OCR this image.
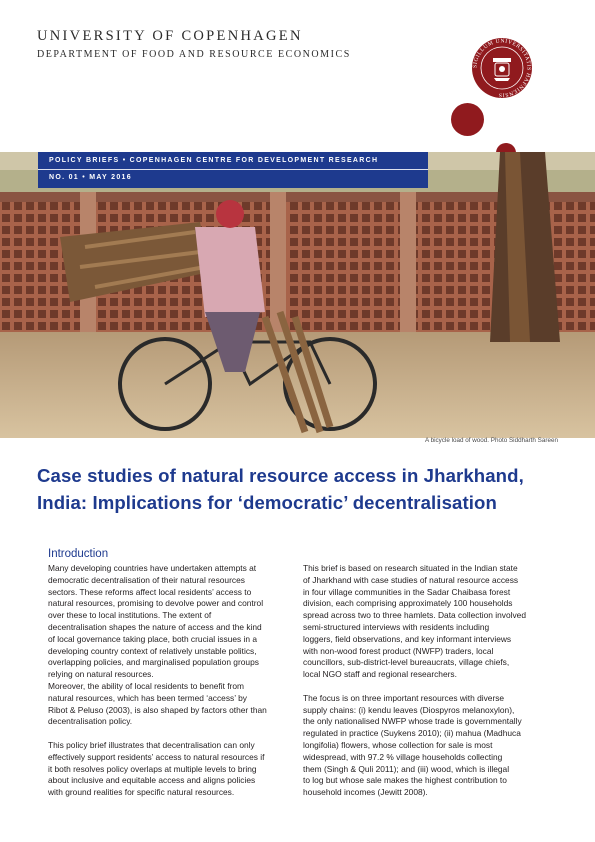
UNIVERSITY OF COPENHAGEN
DEPARTMENT OF FOOD AND RESOURCE ECONOMICS
SIGILLUM UNIVERSITATIS HAFNIENSIS
POLICY BRIEFS • COPENHAGEN CENTRE FOR DEVELOPMENT RESEARCH
NO. 01 • MAY 2016
A bicycle load of wood. Photo Siddharth Sareen
Case studies of natural resource access in Jharkhand,
India: Implications for ‘democratic’ decentralisation
Introduction
Many developing countries have undertaken attempts at
democratic decentralisation of their natural resources
sectors. These reforms affect local residents’ access to
natural resources, promising to devolve power and control
over these to local institutions. The extent of
decentralisation shapes the nature of access and the kind
of local governance taking place, both crucial issues in a
developing country context of relatively unstable politics,
overlapping policies, and marginalised population groups
relying on natural resources.
Moreover, the ability of local residents to benefit from
natural resources, which has been termed ‘access’ by
Ribot & Peluso (2003), is also shaped by factors other than
decentralisation policy.
This policy brief illustrates that decentralisation can only
effectively support residents’ access to natural resources if
it both resolves policy overlaps at multiple levels to bring
about inclusive and equitable access and aligns policies
with ground realities for specific natural resources.
This brief is based on research situated in the Indian state
of Jharkhand with case studies of natural resource access
in four village communities in the Sadar Chaibasa forest
division, each comprising approximately 100 households
spread across two to three hamlets. Data collection involved
semi-structured interviews with residents including
loggers, field observations, and key informant interviews
with non-wood forest product (NWFP) traders, local
councillors, sub-district-level bureaucrats, village chiefs,
local NGO staff and regional researchers.
The focus is on three important resources with diverse
supply chains: (i) kendu leaves (Diospyros melanoxylon),
the only nationalised NWFP whose trade is governmentally
regulated in practice (Suykens 2010); (ii) mahua (Madhuca
longifolia) flowers, whose collection for sale is most
widespread, with 97.2 % village households collecting
them (Singh & Quli 2011); and (iii) wood, which is illegal
to log but whose sale makes the highest contribution to
household incomes (Jewitt 2008).
